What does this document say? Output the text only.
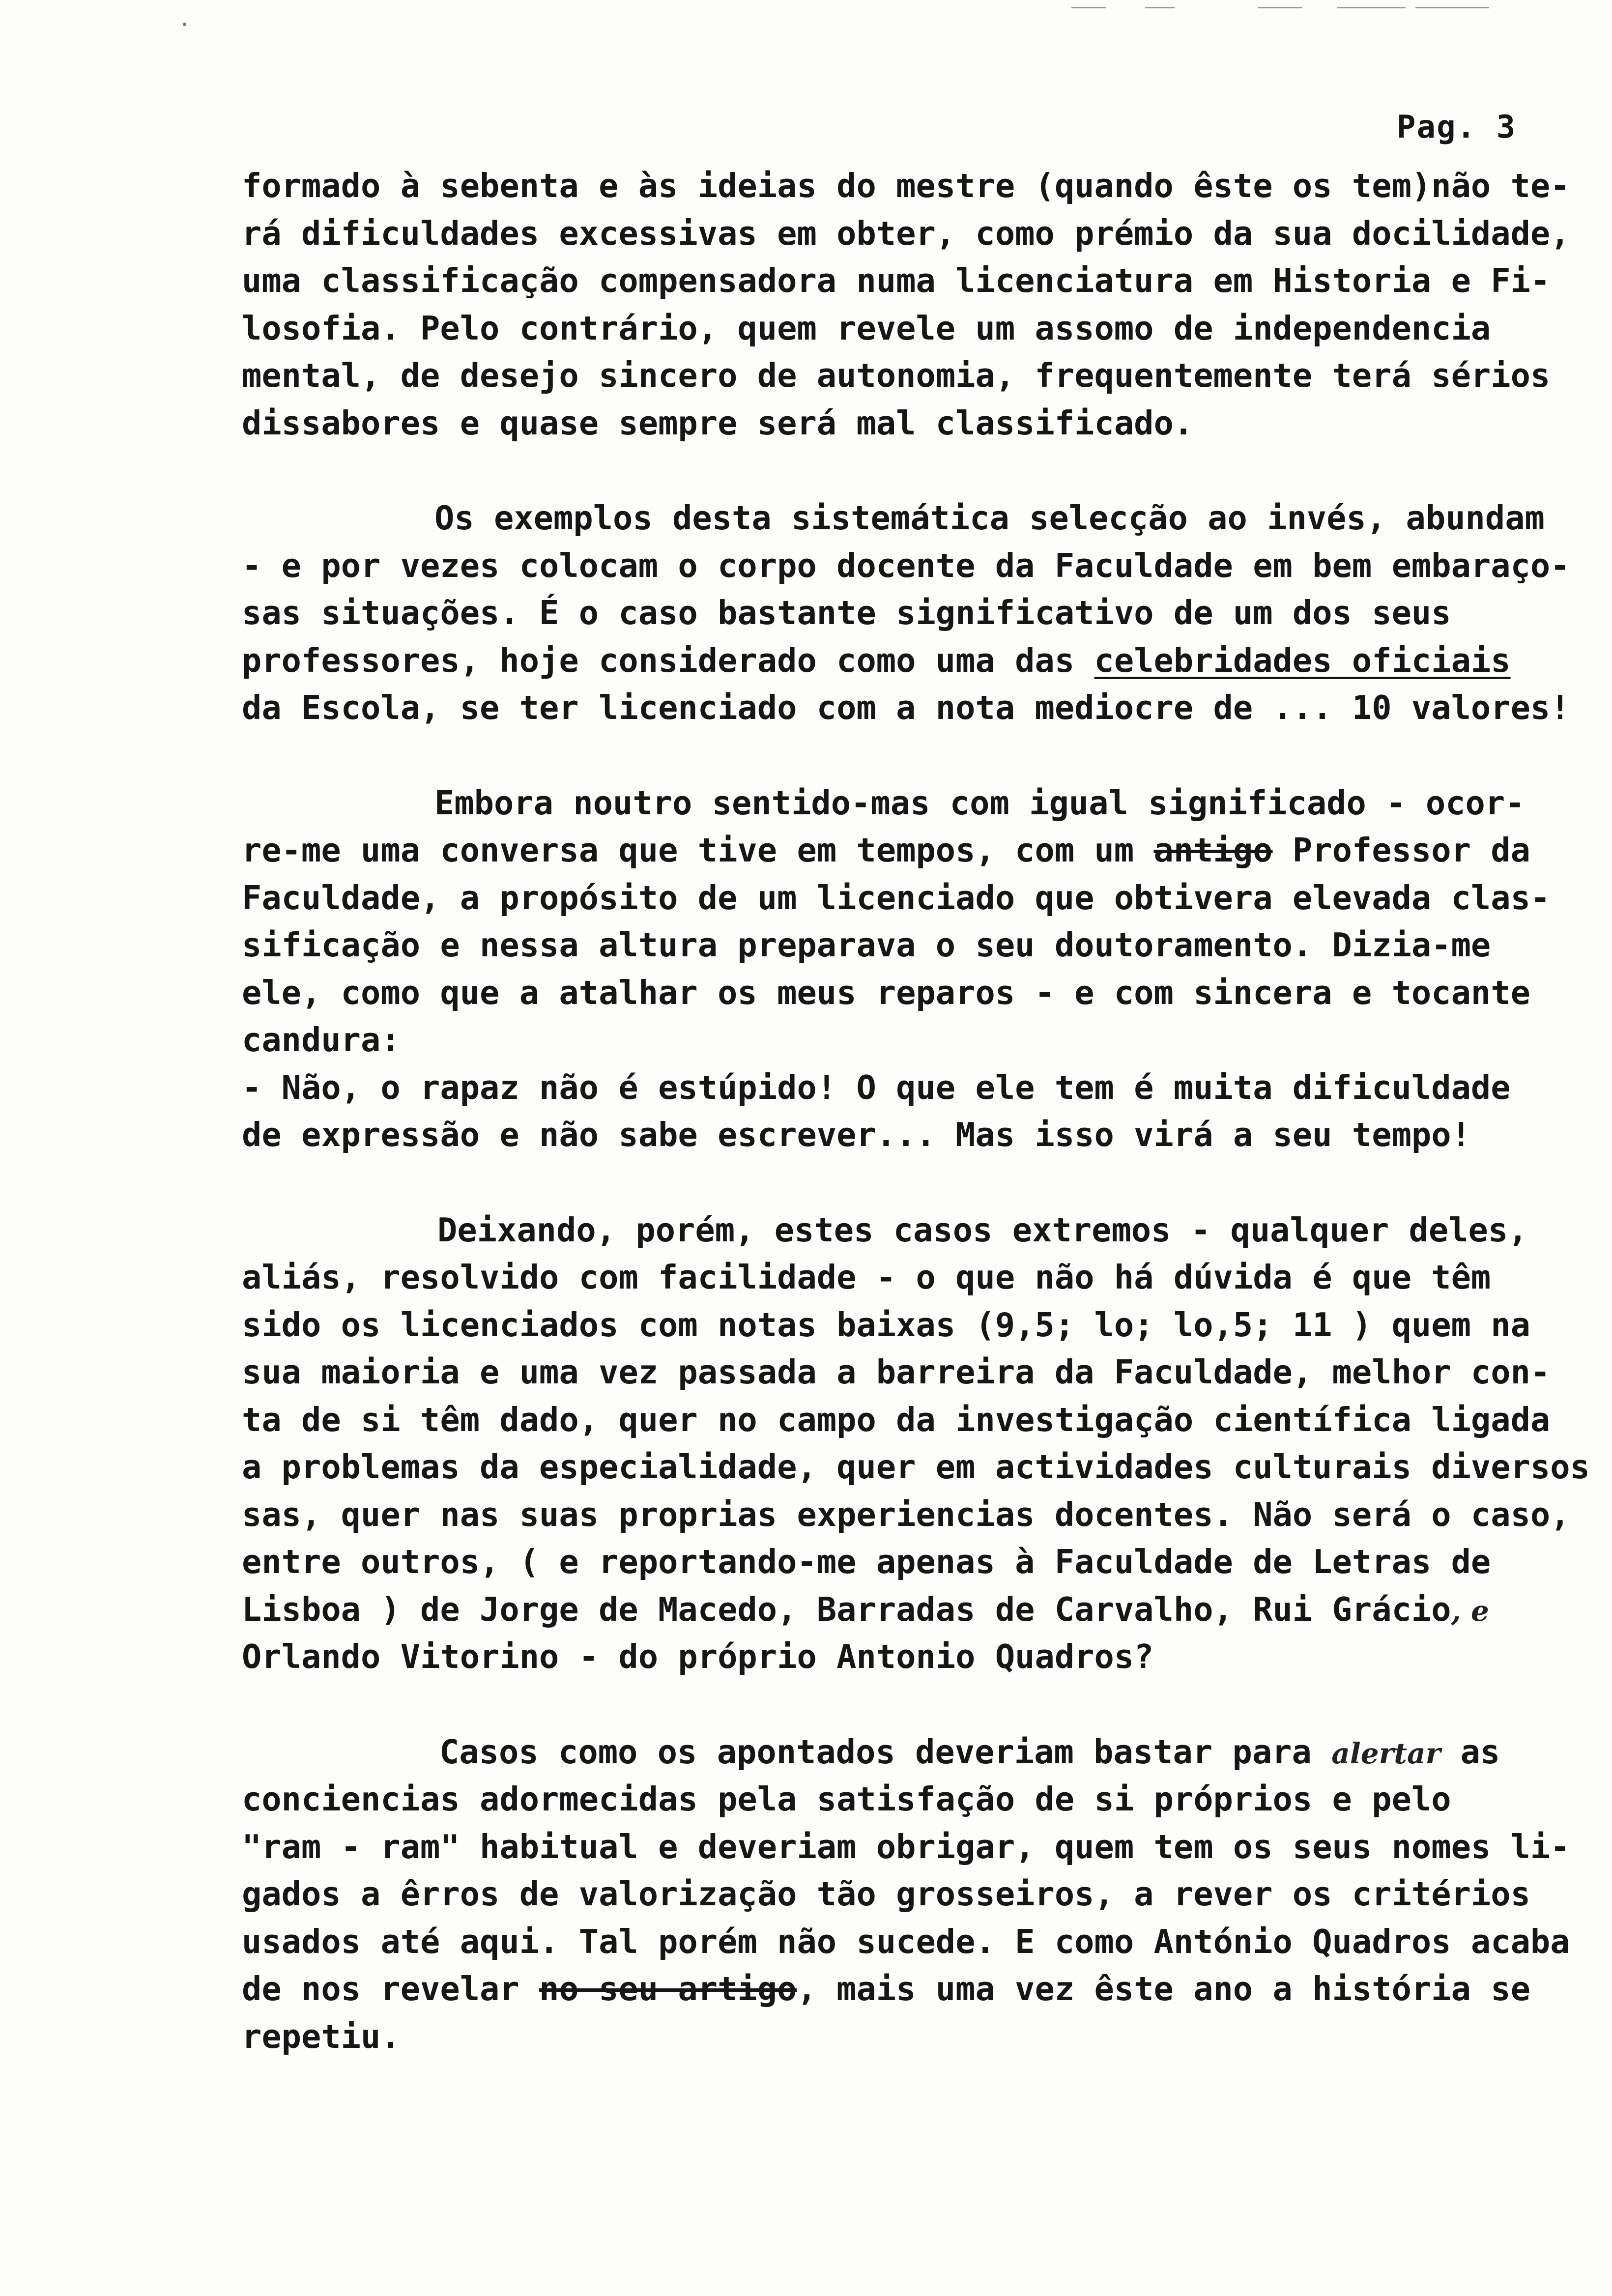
Pag. 3
formado à sebenta e às ideias do mestre (quando êste os tem)não te-
rá dificuldades excessivas em obter, como prémio da sua docilidade,
uma classificação compensadora numa licenciatura em Historia e Fi-
losofia. Pelo contrário, quem revele um assomo de independencia
mental, de desejo sincero de autonomia, frequentemente terá sérios
dissabores e quase sempre será mal classificado.
Os exemplos desta sistemática selecção ao invés, abundam
- e por vezes colocam o corpo docente da Faculdade em bem embaraço-
sas situações. É o caso bastante significativo de um dos seus
professores, hoje considerado como uma das celebridades oficiais
da Escola, se ter licenciado com a nota mediocre de ... 10 valores!
Embora noutro sentido-mas com igual significado - ocor-
re-me uma conversa que tive em tempos, com um antigo Professor da
Faculdade, a propósito de um licenciado que obtivera elevada clas-
sificação e nessa altura preparava o seu doutoramento. Dizia-me
ele, como que a atalhar os meus reparos - e com sincera e tocante
candura:
- Não, o rapaz não é estúpido! O que ele tem é muita dificuldade
de expressão e não sabe escrever... Mas isso virá a seu tempo!
Deixando, porém, estes casos extremos - qualquer deles,
aliás, resolvido com facilidade - o que não há dúvida é que têm
sido os licenciados com notas baixas (9,5; lo; lo,5; 11 ) quem na
sua maioria e uma vez passada a barreira da Faculdade, melhor con-
ta de si têm dado, quer no campo da investigação científica ligada
a problemas da especialidade, quer em actividades culturais diversos
sas, quer nas suas proprias experiencias docentes. Não será o caso,
entre outros, ( e reportando-me apenas à Faculdade de Letras de
Lisboa ) de Jorge de Macedo, Barradas de Carvalho, Rui Grácio, e
Orlando Vitorino - do próprio Antonio Quadros?
Casos como os apontados deveriam bastar para alertar as
conciencias adormecidas pela satisfação de si próprios e pelo
"ram - ram" habitual e deveriam obrigar, quem tem os seus nomes li-
gados a êrros de valorização tão grosseiros, a rever os critérios
usados até aqui. Tal porém não sucede. E como António Quadros acaba
de nos revelar no seu artigo, mais uma vez êste ano a história se
repetiu.
